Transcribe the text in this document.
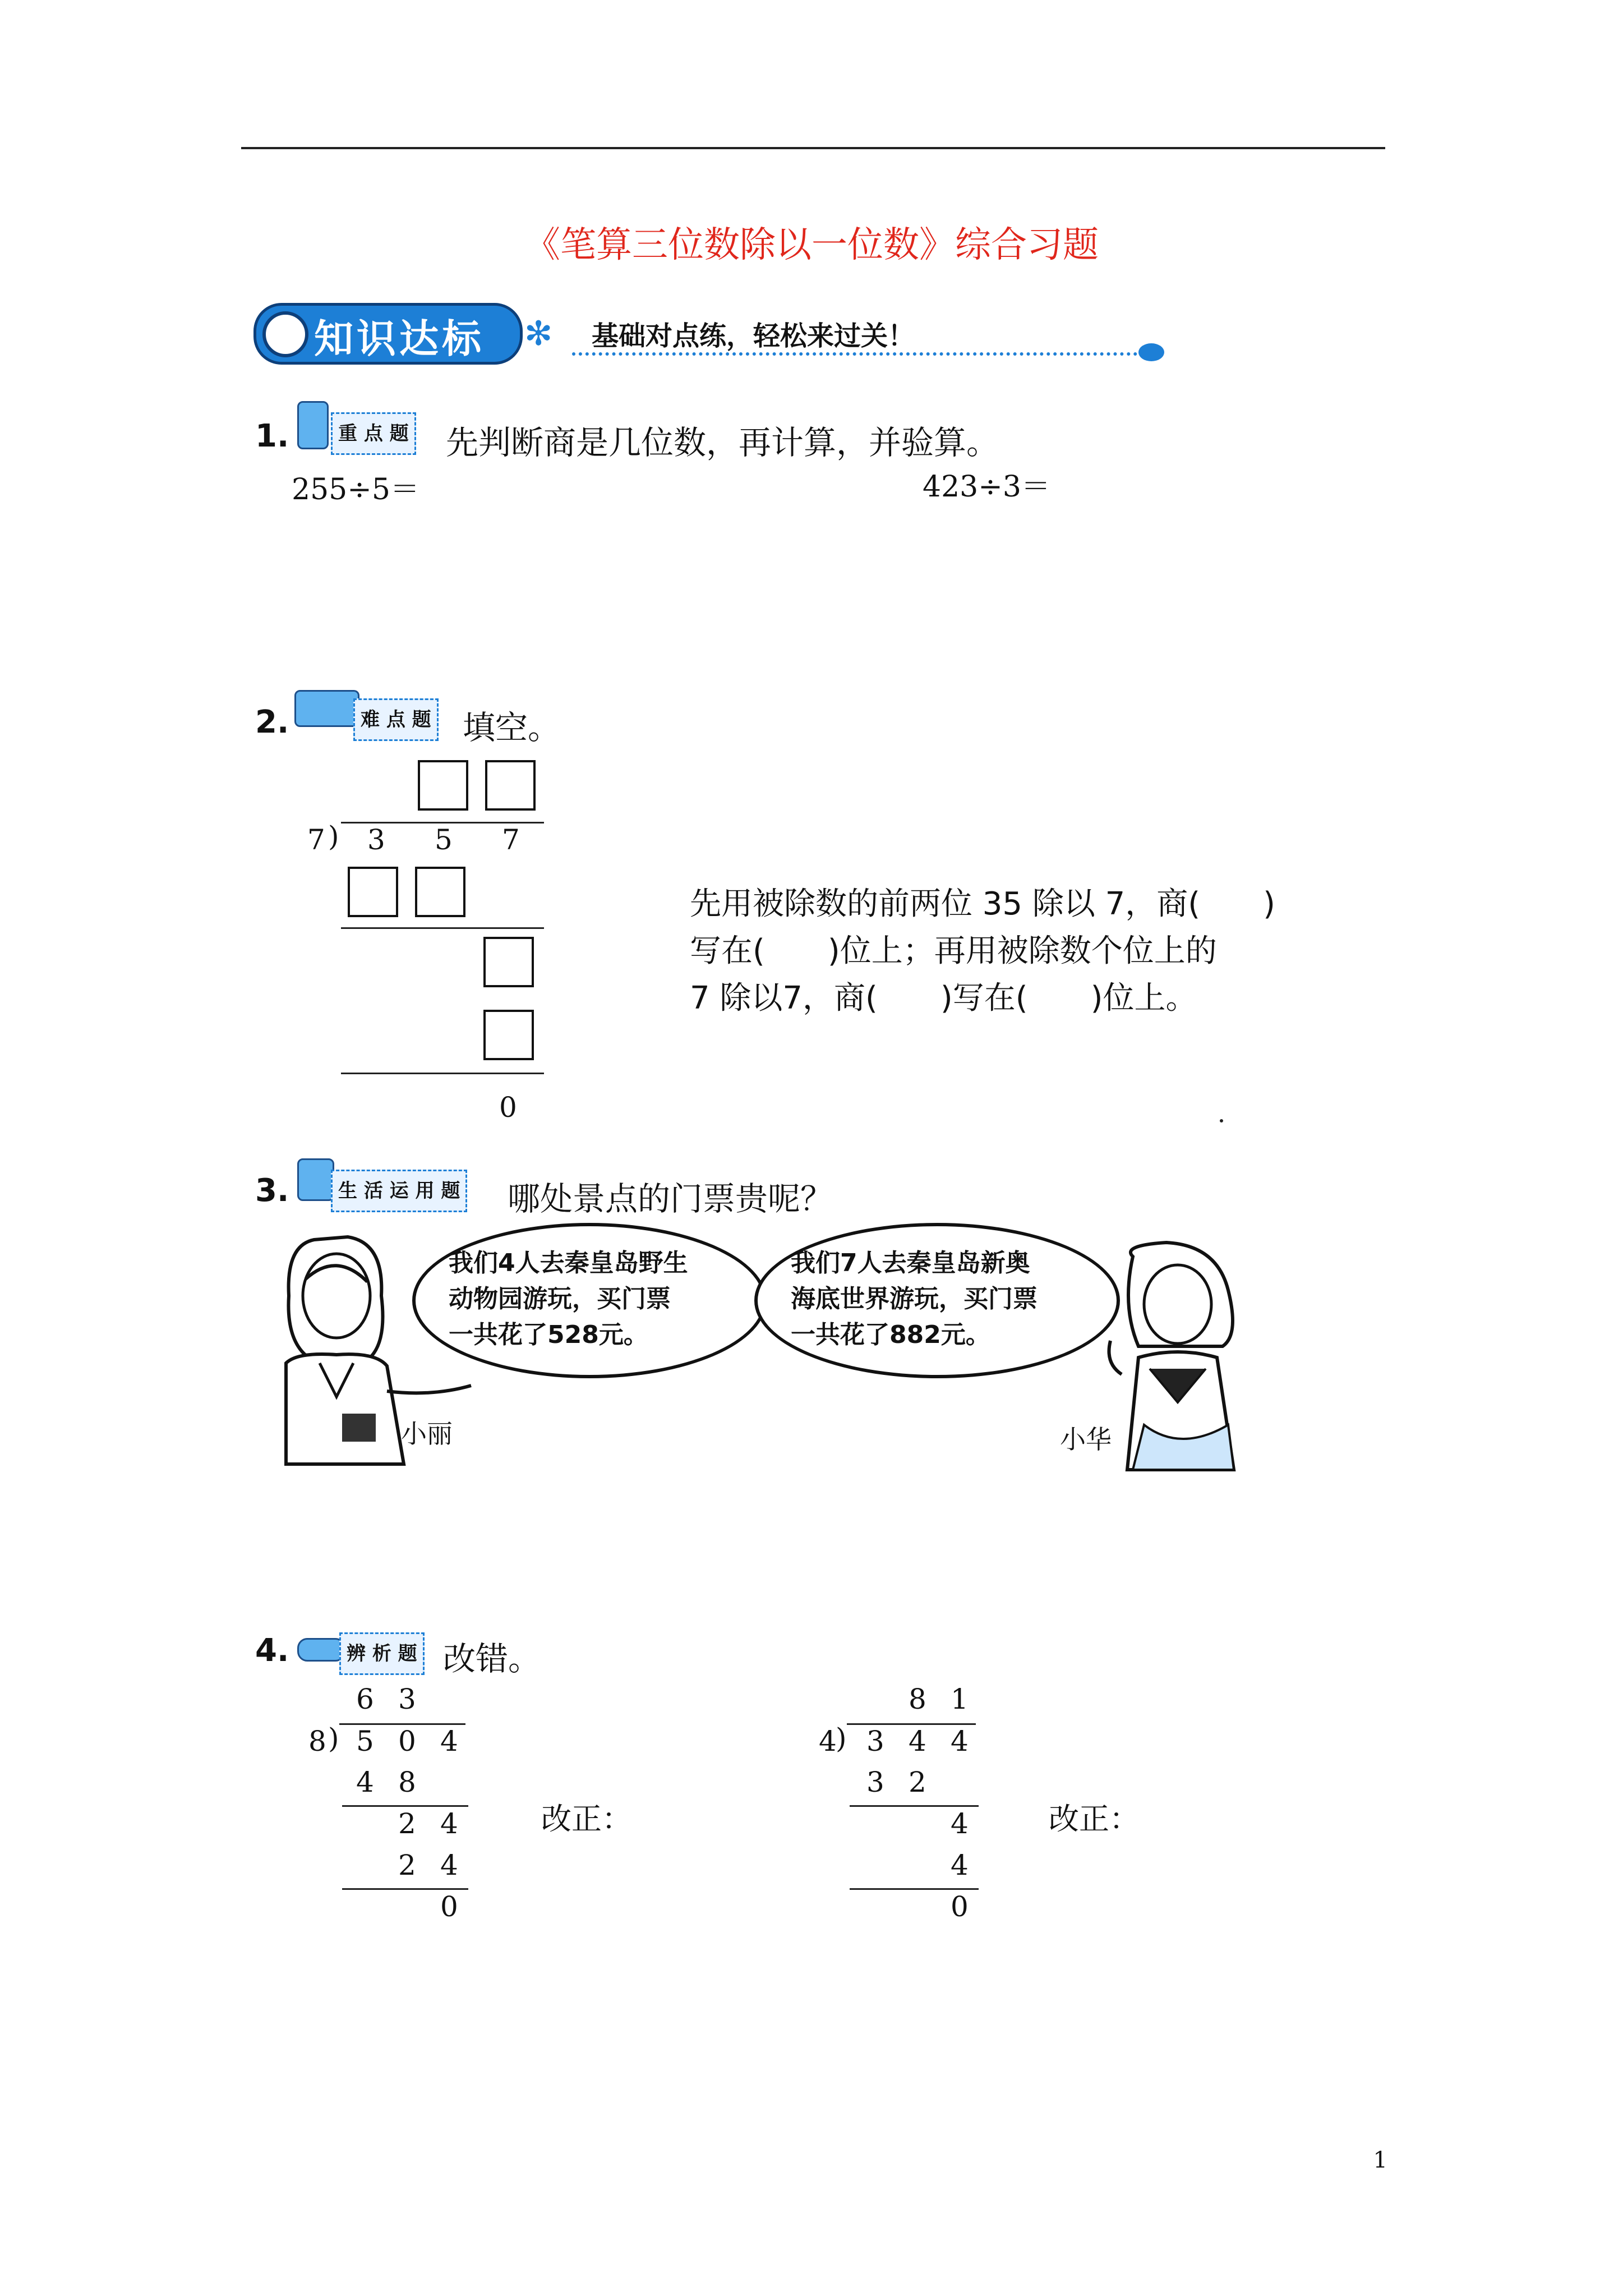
《笔算三位数除以一位数》综合习题
知识达标 ✻ 基础对点练，轻松来过关！
1.	重 点 题 先判断商是几位数，再计算，并验算。
255÷5＝	423÷3＝
2.	难 点 题 填空。
7 ) 3 5 7
0
先用被除数的前两位 35 除以 7，商(　　)
写在(　　)位上；再用被除数个位上的
7 除以7，商(　　)写在(　　)位上。
3.	生 活 运 用 题 哪处景点的门票贵呢？
小丽
我们4人去秦皇岛野生
动物园游玩，买门票
一共花了528元。
我们7人去秦皇岛新奥
海底世界游玩，买门票
一共花了882元。
小华
4.	辨 析 题 改错。
6 3
8 ) 5 0 4
4 8
2 4
2 4
0
改正：
8 1
4
) 3 4 4
3 2
4
4
0
改正：
1
